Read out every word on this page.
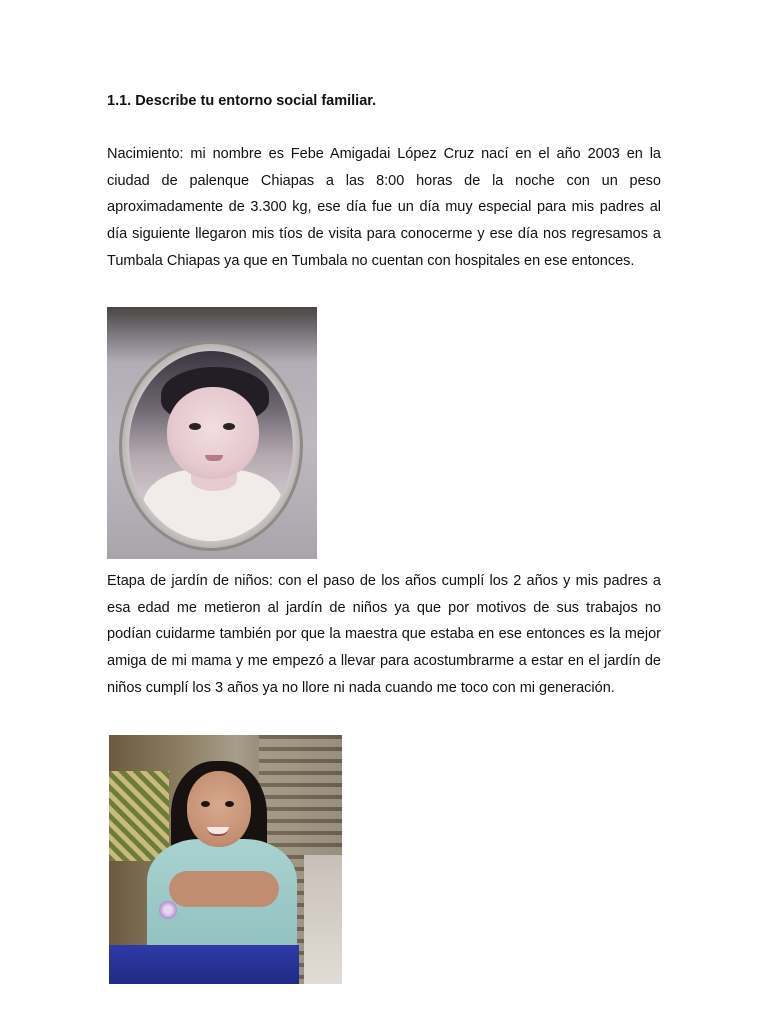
1.1. Describe tu entorno social familiar.
Nacimiento: mi nombre es Febe Amigadai López Cruz nací en el año 2003 en la ciudad de palenque Chiapas a las 8:00 horas de la noche con un peso aproximadamente de 3.300 kg, ese día fue un día muy especial para mis padres al día siguiente llegaron mis tíos de visita para conocerme y ese día nos regresamos a Tumbala Chiapas ya que en Tumbala no cuentan con hospitales en ese entonces.
Etapa de jardín de niños: con el paso de los años cumplí los 2 años y mis padres a esa edad me metieron al jardín de niños ya que por motivos de sus trabajos no podían cuidarme también por que la maestra que estaba en ese entonces es la mejor amiga de mi mama y me empezó a llevar para acostumbrarme a estar en el jardín de niños cumplí los 3 años ya no llore ni nada cuando me toco con mi generación.
